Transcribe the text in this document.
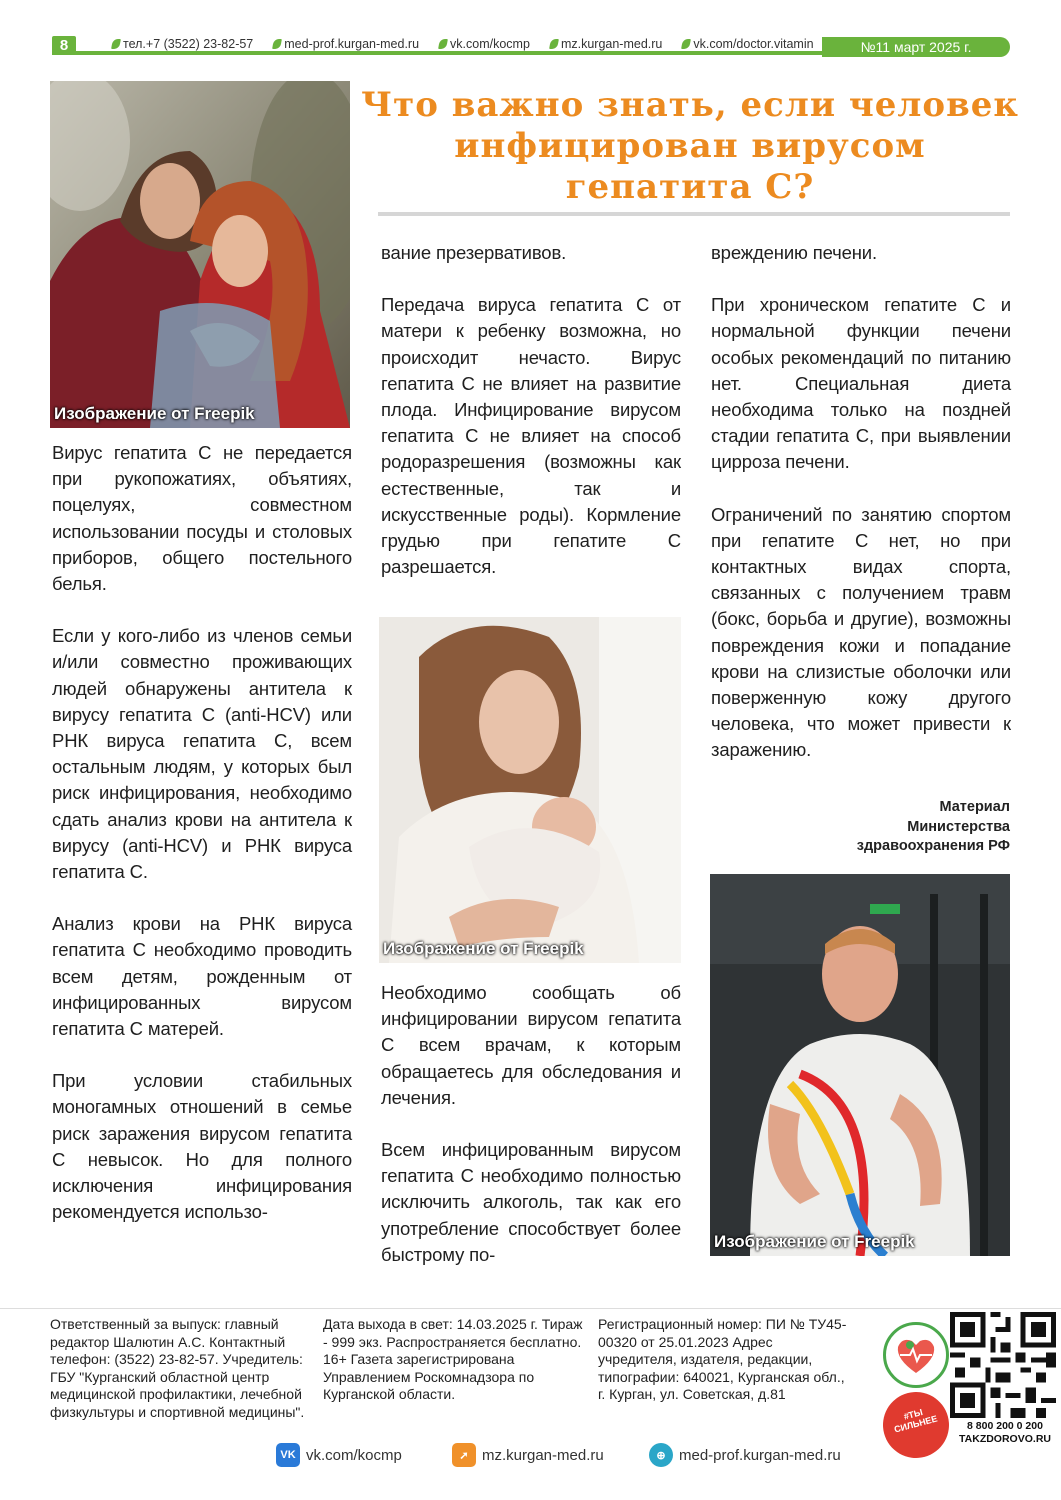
8	тел.+7 (3522) 23-82-57 med-prof.kurgan-med.ru vk.com/kocmp mz.kurgan-med.ru vk.com/doctor.vitamin	№11 март 2025 г.
Что важно знать, если человек
инфицирован вирусом
гепатита С?
Изображение от Freepik

Вирус гепатита С не передается при рукопожатиях, объятиях, поцелуях, совместном использовании посуды и столовых приборов, общего постельного белья.

Если у кого-либо из членов семьи и/или совместно проживающих людей обнаружены антитела к вирусу гепатита С (anti-HCV) или РНК вируса гепатита С, всем остальным людям, у которых был риск инфицирования, необходимо сдать анализ крови на антитела к вирусу (anti-HCV) и РНК вируса гепатита С.

Анализ крови на РНК вируса гепатита С необходимо проводить всем детям, рожденным от инфицированных вирусом гепатита С матерей.

При условии стабильных моногамных отношений в семье риск заражения вирусом гепатита С невысок. Но для полного исключения инфицирования рекомендуется использо-

вание презервативов.

Передача вируса гепатита С от матери к ребенку возможна, но происходит нечасто. Вирус гепатита С не влияет на развитие плода. Инфицирование вирусом гепатита С не влияет на способ родоразрешения (возможны как естественные, так и искусственные роды). Кормление грудью при гепатите С разрешается.

Изображение от Freepik

Необходимо сообщать об инфицировании вирусом гепатита С всем врачам, к которым обращаетесь для обследования и лечения.

Всем инфицированным вирусом гепатита С необходимо полностью исключить алкоголь, так как его употребление способствует более быстрому по-

вреждению печени.

При хроническом гепатите С и нормальной функции печени особых рекомендаций по питанию нет. Специальная диета необходима только на поздней стадии гепатита С, при выявлении цирроза печени.

Ограничений по занятию спортом при гепатите С нет, но при контактных видах спорта, связанных с получением травм (бокс, борьба и другие), возможны повреждения кожи и попадание крови на слизистые оболочки или поверженную кожу другого человека, что может привести к заражению.

Материал
Министерства
здравоохранения РФ
Изображение от Freepik
Ответственный за выпуск: главный редактор Шалютин А.С. Контактный телефон: (3522) 23-82-57. Учредитель: ГБУ "Курганский областной центр медицинской профилактики, лечебной физкультуры и спортивной медицины".
Дата выхода в свет: 14.03.2025 г. Тираж - 999 экз. Распространяется бесплатно. 16+ Газета зарегистрирована Управлением Роскомнадзора по Курганской области.
Регистрационный номер: ПИ № ТУ45-00320 от 25.01.2023 Адрес учредителя, издателя, редакции, типографии: 640021, Курганская обл., г. Курган, ул. Советская, д.81
VK vk.com/kocmp	➚ mz.kurgan-med.ru	⊕ med-prof.kurgan-med.ru
#ТЫ СИЛЬНЕЕ	8 800 200 0 200
TAKZDOROVO.RU
